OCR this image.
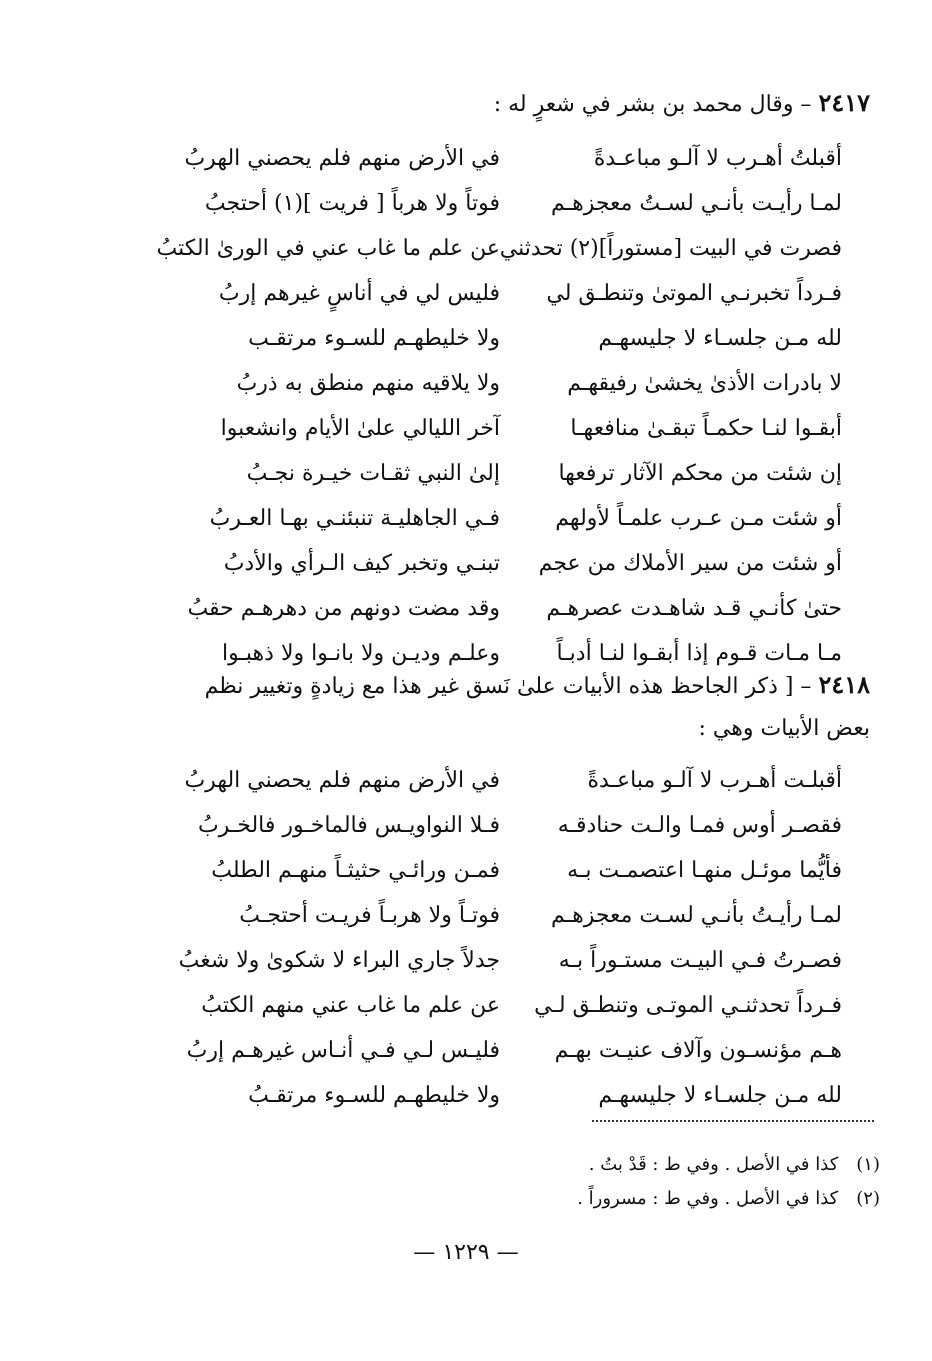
٢٤١٧ – وقال محمد بن بشر في شعرٍ له :
أقبلتُ أهـرب لا آلـو مباعـدةً
في الأرض منهم فلم يحصني الهربُ
لمـا رأيـت بأنـي لسـتُ معجزهـم
فوتاً ولا هرباً [ فريت ](١) أحتجبُ
فصرت في البيت [مستوراً](٢) تحدثني
عن علم ما غاب عني في الورىٰ الكتبُ
فـرداً تخبرنـي الموتىٰ وتنطـق لي
فليس لي في أناسٍ غيرهم إربُ
لله مـن جلسـاء لا جليسهـم
ولا خليطهـم للسـوء مرتقـب
لا بادرات الأذىٰ يخشىٰ رفيقهـم
ولا يلاقيه منهم منطق به ذربُ
أبقـوا لنـا حكمـاً تبقـىٰ منافعهـا
آخر الليالي علىٰ الأيام وانشعبوا
إن شئت من محكم الآثار ترفعها
إلىٰ النبي ثقـات خيـرة نجـبُ
أو شئت مـن عـرب علمـاً لأولهم
فـي الجاهليـة تنبئنـي بهـا العـربُ
أو شئت من سير الأملاك من عجم
تبنـي وتخبر كيف الـرأي والأدبُ
حتىٰ كأنـي قـد شاهـدت عصرهـم
وقد مضت دونهم من دهرهـم حقبُ
مـا مـات قـوم إذا أبقـوا لنـا أدبـاً
وعلـم وديـن ولا بانـوا ولا ذهبـوا
٢٤١٨ – [ ذكر الجاحظ هذه الأبيات علىٰ نَسق غير هذا مع زيادةٍ وتغيير نظم
بعض الأبيات وهي :
أقبلـت أهـرب لا آلـو مباعـدةً
في الأرض منهم فلم يحصني الهربُ
فقصـر أوس فمـا والـت حنادقـه
فـلا النواويـس فالماخـور فالخـربُ
فأيُّما موئـل منهـا اعتصمـت بـه
فمـن ورائـي حثيثـاً منهـم الطلبُ
لمـا رأيـتُ بأنـي لسـت معجزهـم
فوتـاً ولا هربـاً فريـت أحتجـبُ
فصـرتُ فـي البيـت مستـوراً بـه
جدلاً جاري البراء لا شكوىٰ ولا شغبُ
فـرداً تحدثنـي الموتـى وتنطـق لـي
عن علم ما غاب عني منهم الكتبُ
هـم مؤنسـون وآلاف عنيـت بهـم
فليـس لـي فـي أنـاس غيرهـم إربُ
لله مـن جلسـاء لا جليسهـم
ولا خليطهـم للسـوء مرتقـبُ
(١)كذا في الأصل . وفي ط : قَدْ بتُ .
(٢)كذا في الأصل . وفي ط : مسروراً .
— ١٢٢٩ —
